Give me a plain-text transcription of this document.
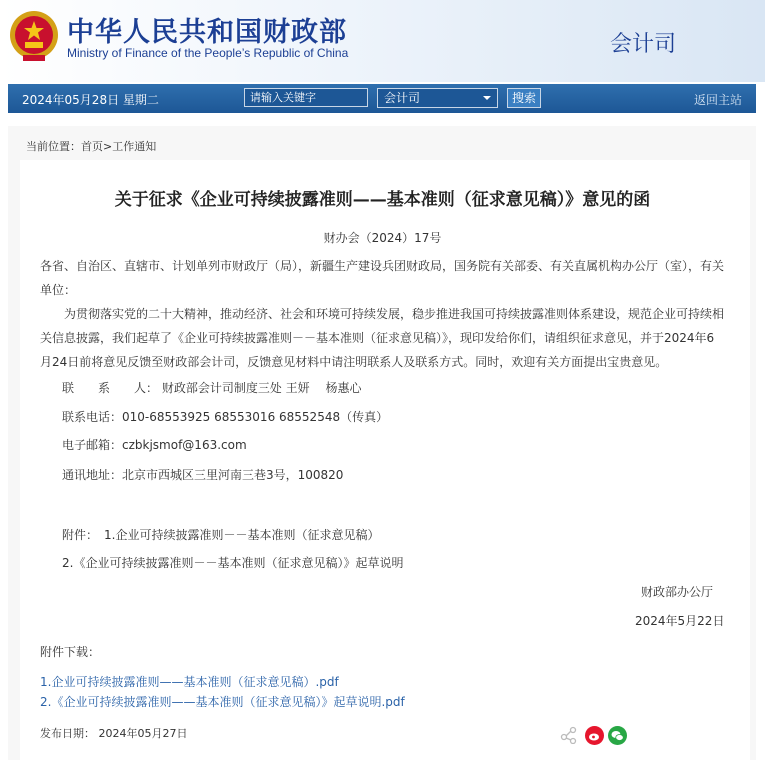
中华人民共和国财政部
Ministry of Finance of the People’s Republic of China	会计司
2024年05月28日 星期二	请输入关键字	会计司	搜索	返回主站
当前位置：首页>工作通知
关于征求《企业可持续披露准则——基本准则（征求意见稿）》意见的函
财办会（2024）17号
各省、自治区、直辖市、计划单列市财政厅（局），新疆生产建设兵团财政局，国务院有关部委、有关直属机构办公厅（室），有关单位：
为贯彻落实党的二十大精神，推动经济、社会和环境可持续发展，稳步推进我国可持续披露准则体系建设，规范企业可持续相关信息披露，我们起草了《企业可持续披露准则－－基本准则（征求意见稿）》，现印发给你们，请组织征求意见，并于2024年6月24日前将意见反馈至财政部会计司，反馈意见材料中请注明联系人及联系方式。同时，欢迎有关方面提出宝贵意见。
联　　系　　人： 财政部会计司制度三处 王妍　 杨惠心
联系电话：010-68553925 68553016 68552548（传真）
电子邮箱：czbkjsmof@163.com
通讯地址：北京市西城区三里河南三巷3号，100820
附件：　1.企业可持续披露准则－－基本准则（征求意见稿）
2.《企业可持续披露准则－－基本准则（征求意见稿）》起草说明
财政部办公厅
2024年5月22日
附件下载：
1.企业可持续披露准则——基本准则（征求意见稿）.pdf
2.《企业可持续披露准则——基本准则（征求意见稿）》起草说明.pdf
发布日期： 2024年05月27日
